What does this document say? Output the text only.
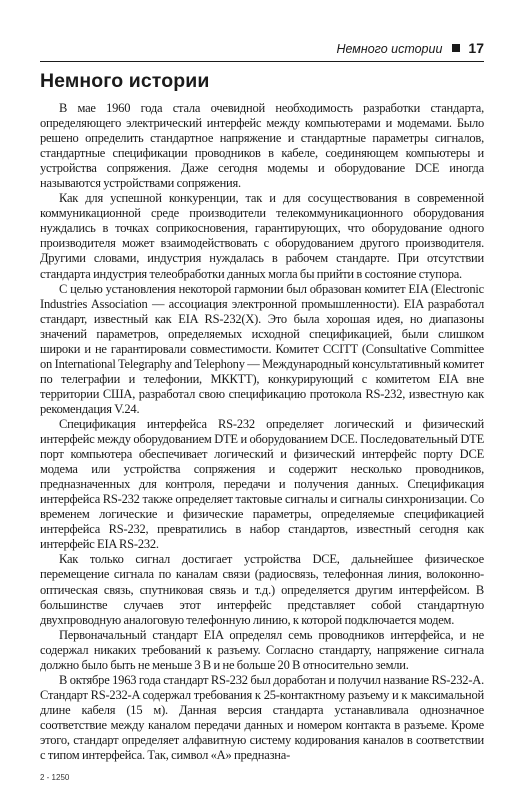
Немного истории 17
Немного истории

В мае 1960 года стала очевидной необходимость разработки стандарта, определяющего электрический интерфейс между компьютерами и модемами. Было решено определить стандартное напряжение и стандартные параметры сигналов, стандартные спецификации проводников в кабеле, соединяющем компьютеры и устройства сопряжения. Даже сегодня модемы и оборудование DCE иногда называются устройствами сопряжения.

Как для успешной конкуренции, так и для сосуществования в современной коммуникационной среде производители телекоммуникационного оборудования нуждались в точках соприкосновения, гарантирующих, что оборудование одного производителя может взаимодействовать с оборудованием другого производителя. Другими словами, индустрия нуждалась в рабочем стандарте. При отсутствии стандарта индустрия телеобработки данных могла бы прийти в состояние ступора.

С целью установления некоторой гармонии был образован комитет EIA (Electronic Industries Association — ассоциация электронной промышленности). EIA разработал стандарт, известный как EIA RS-232(X). Это была хорошая идея, но диапазоны значений параметров, определяемых исходной спецификацией, были слишком широки и не гарантировали совместимости. Комитет CCITT (Consultative Committee on International Telegraphy and Telephony — Международный консультативный комитет по телеграфии и телефонии, МККТТ), конкурирующий с комитетом EIA вне территории США, разработал свою спецификацию протокола RS-232, известную как рекомендация V.24.

Спецификация интерфейса RS-232 определяет логический и физический интерфейс между оборудованием DTE и оборудованием DCE. Последовательный DTE порт компьютера обеспечивает логический и физический интерфейс порту DCE модема или устройства сопряжения и содержит несколько проводников, предназначенных для контроля, передачи и получения данных. Спецификация интерфейса RS-232 также определяет тактовые сигналы и сигналы синхронизации. Со временем логические и физические параметры, определяемые спецификацией интерфейса RS-232, превратились в набор стандартов, известный сегодня как интерфейс EIA RS-232.

Как только сигнал достигает устройства DCE, дальнейшее физическое перемещение сигнала по каналам связи (радиосвязь, телефонная линия, волоконно-оптическая связь, спутниковая связь и т.д.) определяется другим интерфейсом. В большинстве случаев этот интерфейс представляет собой стандартную двухпроводную аналоговую телефонную линию, к которой подключается модем.

Первоначальный стандарт EIA определял семь проводников интерфейса, и не содержал никаких требований к разъему. Согласно стандарту, напряжение сигнала должно было быть не меньше 3 В и не больше 20 В относительно земли.

В октябре 1963 года стандарт RS-232 был доработан и получил название RS-232-A. Стандарт RS-232-A содержал требования к 25-контактному разъему и к максимальной длине кабеля (15 м). Данная версия стандарта устанавливала однозначное соответствие между каналом передачи данных и номером контакта в разъеме. Кроме этого, стандарт определяет алфавитную систему кодирования каналов в соответствии с типом интерфейса. Так, символ «А» предназна-

2 - 1250
